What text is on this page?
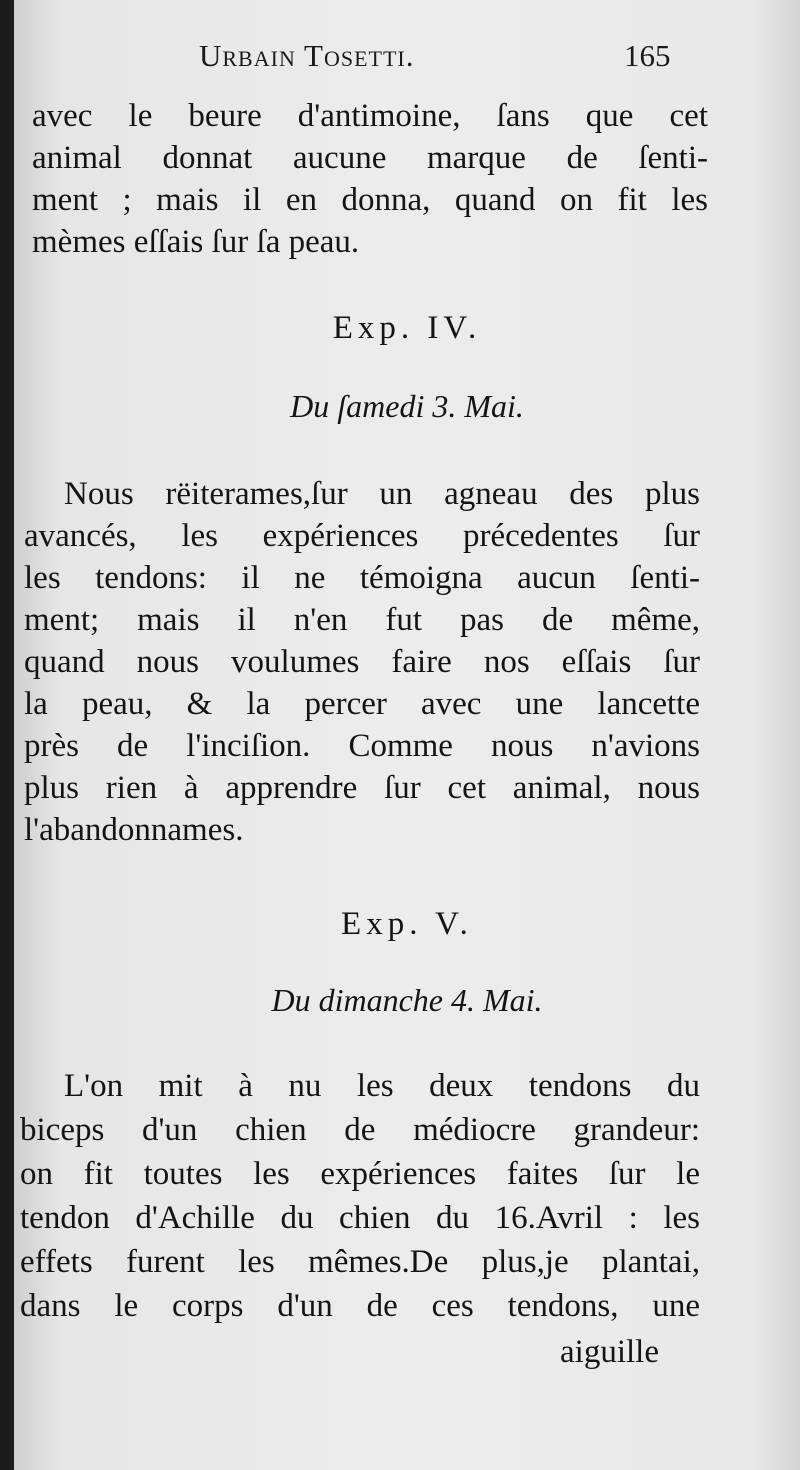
Urbain Tosetti.	165
avec le beure d'antimoine, ſans que cet
animal donnat aucune marque de ſenti-
ment ; mais il en donna, quand on fit les
mèmes eſſais ſur ſa peau.
Exp. IV.
Du ſamedi 3. Mai.
Nous rëiterames,ſur un agneau des plus
avancés, les expériences précedentes ſur
les tendons: il ne témoigna aucun ſenti-
ment; mais il n'en fut pas de même,
quand nous voulumes faire nos eſſais ſur
la peau, & la percer avec une lancette
près de l'inciſion. Comme nous n'avions
plus rien à apprendre ſur cet animal, nous
l'abandonnames.
Exp. V.
Du dimanche 4. Mai.
L'on mit à nu les deux tendons du
biceps d'un chien de médiocre grandeur:
on fit toutes les expériences faites ſur le
tendon d'Achille du chien du 16.Avril : les
effets furent les mêmes.De plus,je plantai,
dans le corps d'un de ces tendons, une
aiguille
